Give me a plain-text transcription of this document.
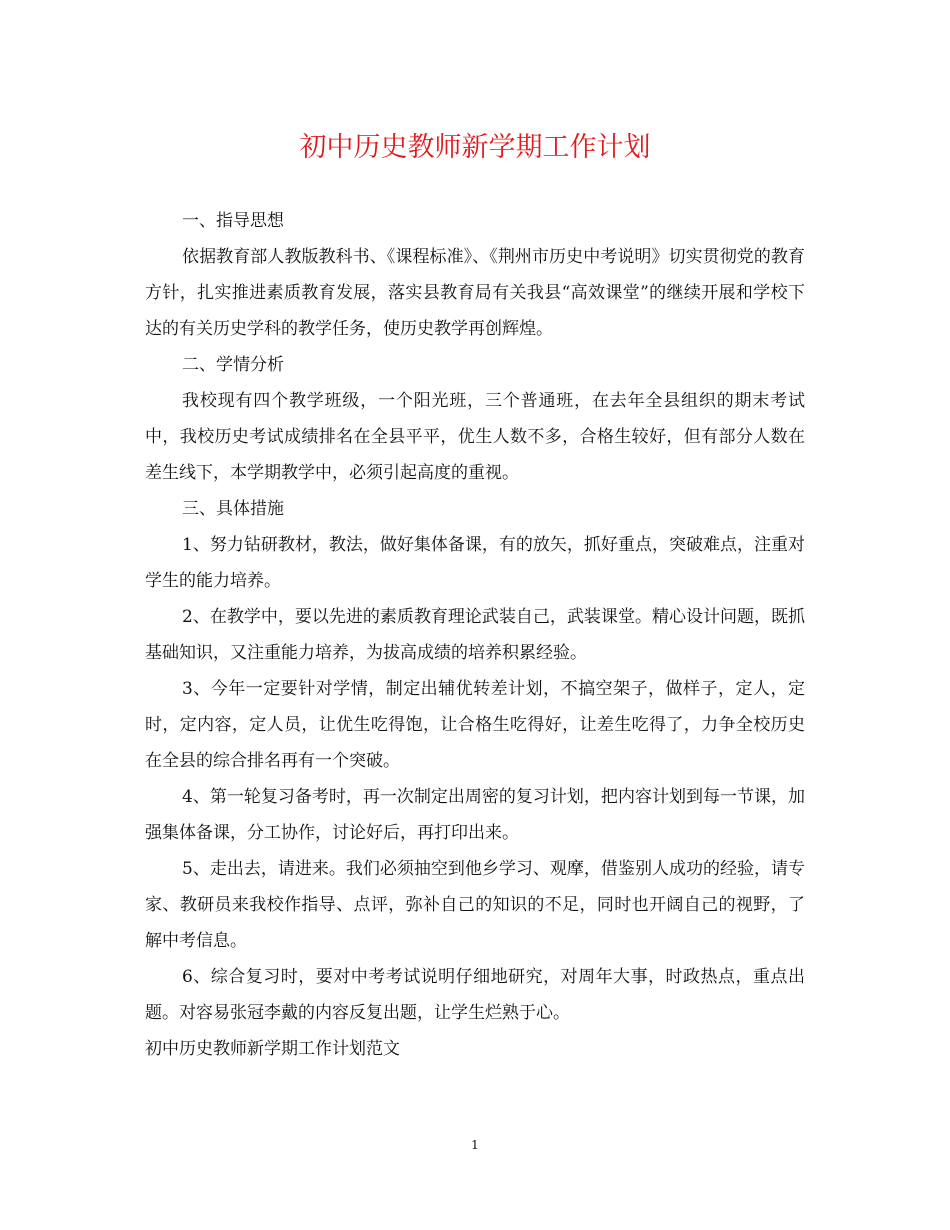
初中历史教师新学期工作计划

一、指导思想

依据教育部人教版教科书、《课程标准》、《荆州市历史中考说明》切实贯彻党的教育方针，扎实推进素质教育发展，落实县教育局有关我县“高效课堂”的继续开展和学校下达的有关历史学科的教学任务，使历史教学再创辉煌。

二、学情分析

我校现有四个教学班级，一个阳光班，三个普通班，在去年全县组织的期末考试中，我校历史考试成绩排名在全县平平，优生人数不多，合格生较好，但有部分人数在差生线下，本学期教学中，必须引起高度的重视。

三、具体措施

1、努力钻研教材，教法，做好集体备课，有的放矢，抓好重点，突破难点，注重对学生的能力培养。

2、在教学中，要以先进的素质教育理论武装自己，武装课堂。精心设计问题，既抓基础知识，又注重能力培养，为拔高成绩的培养积累经验。

3、今年一定要针对学情，制定出辅优转差计划，不搞空架子，做样子，定人，定时，定内容，定人员，让优生吃得饱，让合格生吃得好，让差生吃得了，力争全校历史在全县的综合排名再有一个突破。

4、第一轮复习备考时，再一次制定出周密的复习计划，把内容计划到每一节课，加强集体备课，分工协作，讨论好后，再打印出来。

5、走出去，请进来。我们必须抽空到他乡学习、观摩，借鉴别人成功的经验，请专家、教研员来我校作指导、点评，弥补自己的知识的不足，同时也开阔自己的视野，了解中考信息。

6、综合复习时，要对中考考试说明仔细地研究，对周年大事，时政热点，重点出题。对容易张冠李戴的内容反复出题，让学生烂熟于心。

初中历史教师新学期工作计划范文

1
